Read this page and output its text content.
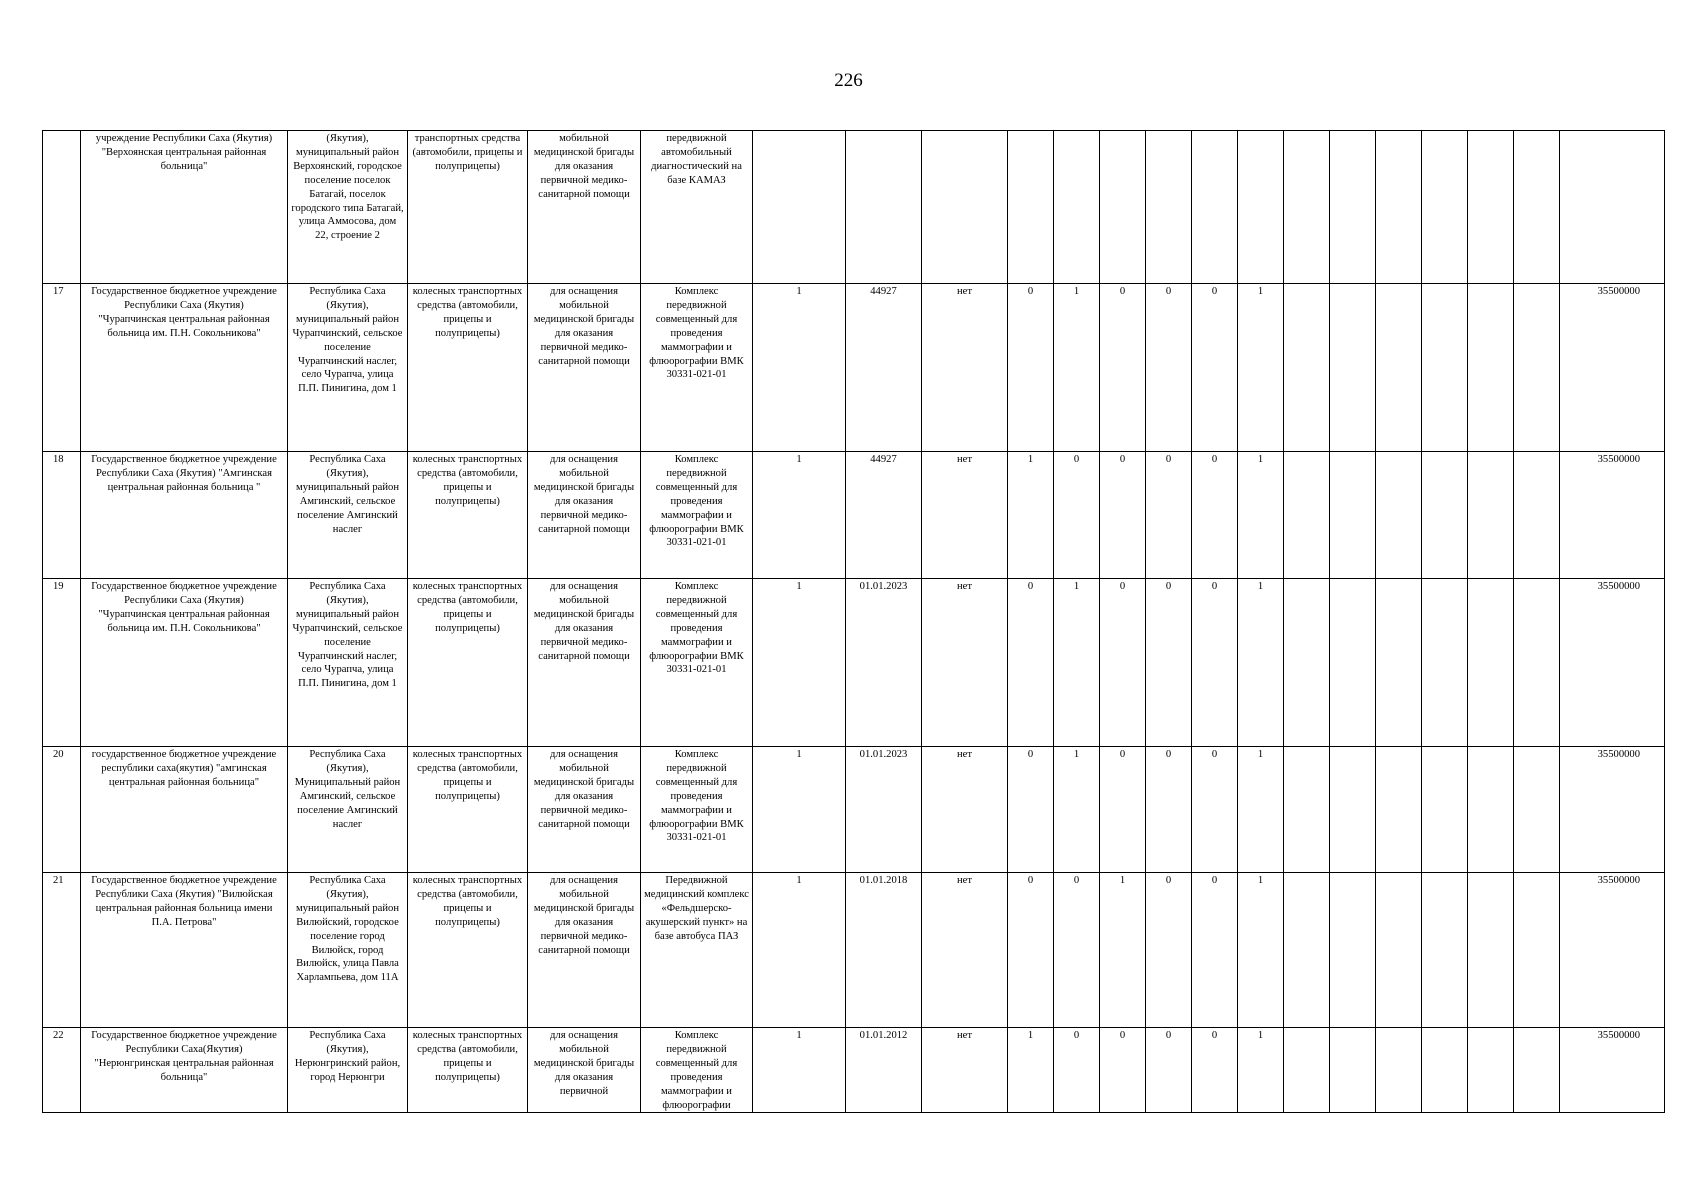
226
	учреждение Республики Саха (Якутия) "Верхоянская центральная районная больница"	(Якутия), муниципальный район Верхоянский, городское поселение поселок Батагай, поселок городского типа Батагай, улица Аммосова, дом 22, строение 2	транспортных средства (автомобили, прицепы и полуприцепы)	мобильной медицинской бригады для оказания первичной медико-санитарной помощи	передвижной автомобильный диагностический на базе КАМАЗ																
17	Государственное бюджетное учреждение Республики Саха (Якутия) "Чурапчинская центральная районная больница им. П.Н. Сокольникова"	Республика Саха (Якутия), муниципальный район Чурапчинский, сельское поселение Чурапчинский наслег, село Чурапча, улица П.П. Пинигина, дом 1	колесных транспортных средства (автомобили, прицепы и полуприцепы)	для оснащения мобильной медицинской бригады для оказания первичной медико-санитарной помощи	Комплекс передвижной совмещенный для проведения маммографии и флюорографии ВМК 30331-021-01	1	44927	нет	0	1	0	0	0	1							35500000
18	Государственное бюджетное учреждение Республики Саха (Якутия) "Амгинская центральная районная больница "	Республика Саха (Якутия), муниципальный район Амгинский, сельское поселение Амгинский наслег	колесных транспортных средства (автомобили, прицепы и полуприцепы)	для оснащения мобильной медицинской бригады для оказания первичной медико-санитарной помощи	Комплекс передвижной совмещенный для проведения маммографии и флюорографии ВМК 30331-021-01	1	44927	нет	1	0	0	0	0	1							35500000
19	Государственное бюджетное учреждение Республики Саха (Якутия) "Чурапчинская центральная районная больница им. П.Н. Сокольникова"	Республика Саха (Якутия), муниципальный район Чурапчинский, сельское поселение Чурапчинский наслег, село Чурапча, улица П.П. Пинигина, дом 1	колесных транспортных средства (автомобили, прицепы и полуприцепы)	для оснащения мобильной медицинской бригады для оказания первичной медико-санитарной помощи	Комплекс передвижной совмещенный для проведения маммографии и флюорографии ВМК 30331-021-01	1	01.01.2023	нет	0	1	0	0	0	1							35500000
20	государственное бюджетное учреждение республики саха(якутия) "амгинская центральная районная больница"	Республика Саха (Якутия), Муниципальный район Амгинский, сельское поселение Амгинский наслег	колесных транспортных средства (автомобили, прицепы и полуприцепы)	для оснащения мобильной медицинской бригады для оказания первичной медико-санитарной помощи	Комплекс передвижной совмещенный для проведения маммографии и флюорографии ВМК 30331-021-01	1	01.01.2023	нет	0	1	0	0	0	1							35500000
21	Государственное бюджетное учреждение Республики Саха (Якутия) "Вилюйская центральная районная больница имени П.А. Петрова"	Республика Саха (Якутия), муниципальный район Вилюйский, городское поселение город Вилюйск, город Вилюйск, улица Павла Харлампьева, дом 11А	колесных транспортных средства (автомобили, прицепы и полуприцепы)	для оснащения мобильной медицинской бригады для оказания первичной медико-санитарной помощи	Передвижной медицинский комплекс «Фельдшерско-акушерский пункт» на базе автобуса ПАЗ	1	01.01.2018	нет	0	0	1	0	0	1							35500000
22	Государственное бюджетное учреждение Республики Саха(Якутия) "Нерюнгринская центральная районная больница"	Республика Саха (Якутия), Нерюнгринский район, город Нерюнгри	колесных транспортных средства (автомобили, прицепы и полуприцепы)	для оснащения мобильной медицинской бригады для оказания первичной	Комплекс передвижной совмещенный для проведения маммографии и флюорографии	1	01.01.2012	нет	1	0	0	0	0	1							35500000
